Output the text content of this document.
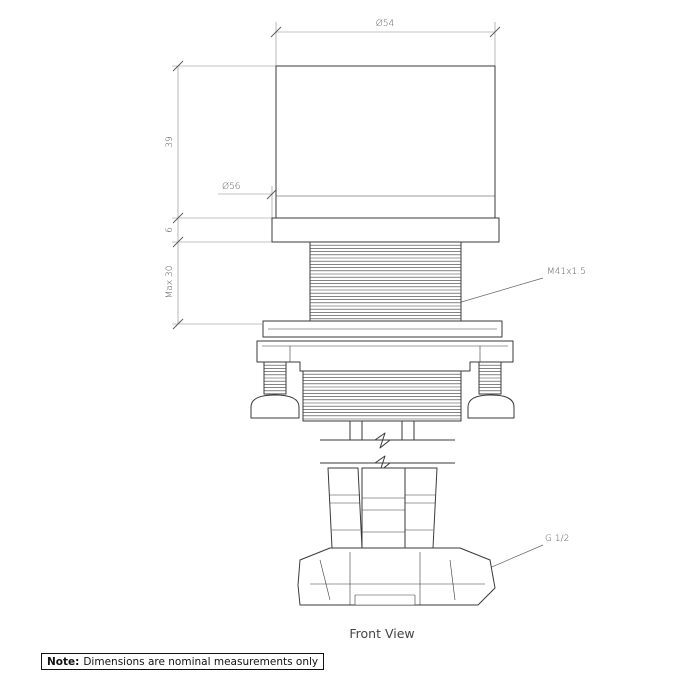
Ø54
Ø56
39
6
Max 30	M41x1.5
G 1/2
Front View
Note: Dimensions are nominal measurements only
